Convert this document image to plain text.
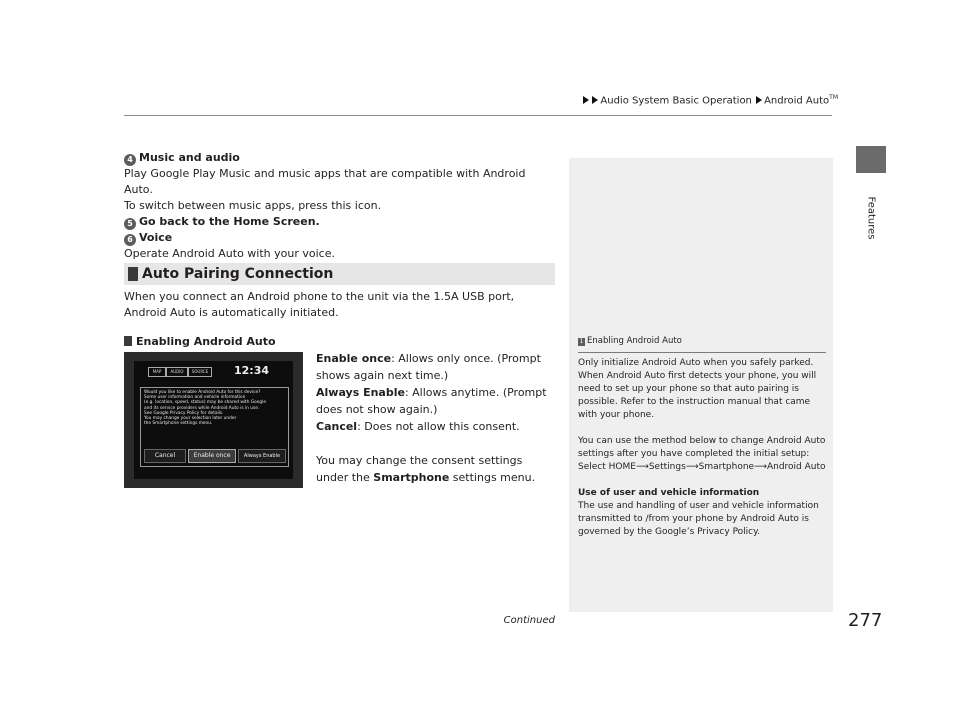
Audio System Basic Operation Android Auto™
Features

4 Music and audio

Play Google Play Music and music apps that are compatible with Android Auto.

To switch between music apps, press this icon.

5 Go back to the Home Screen.

6 Voice

Operate Android Auto with your voice.

Auto Pairing Connection
When you connect an Android phone to the unit via the 1.5A USB port, Android Auto is automatically initiated.
Enabling Android Auto
MAP	AUDIO	SOURCE	12:34
Would you like to enable Android Auto for this device?
Some user information and vehicle information
(e.g. location, speed, status) may be shared with Google
and its service providers while Android Auto is in use.
See Google Privacy Policy for details.
You may change your selection later under
the Smartphone settings menu.
Cancel	Enable once	Always Enable

Enable once: Allows only once. (Prompt shows again next time.)

Always Enable: Allows anytime. (Prompt does not show again.)

Cancel: Does not allow this consent.

You may change the consent settings under the Smartphone settings menu.

1 Enabling Android Auto

Only initialize Android Auto when you safely parked. When Android Auto first detects your phone, you will need to set up your phone so that auto pairing is possible. Refer to the instruction manual that came with your phone.

You can use the method below to change Android Auto settings after you have completed the initial setup:

Select HOME⟶Settings⟶Smartphone⟶Android Auto

Use of user and vehicle information

The use and handling of user and vehicle information transmitted to /from your phone by Android Auto is governed by the Google’s Privacy Policy.

Continued	277
